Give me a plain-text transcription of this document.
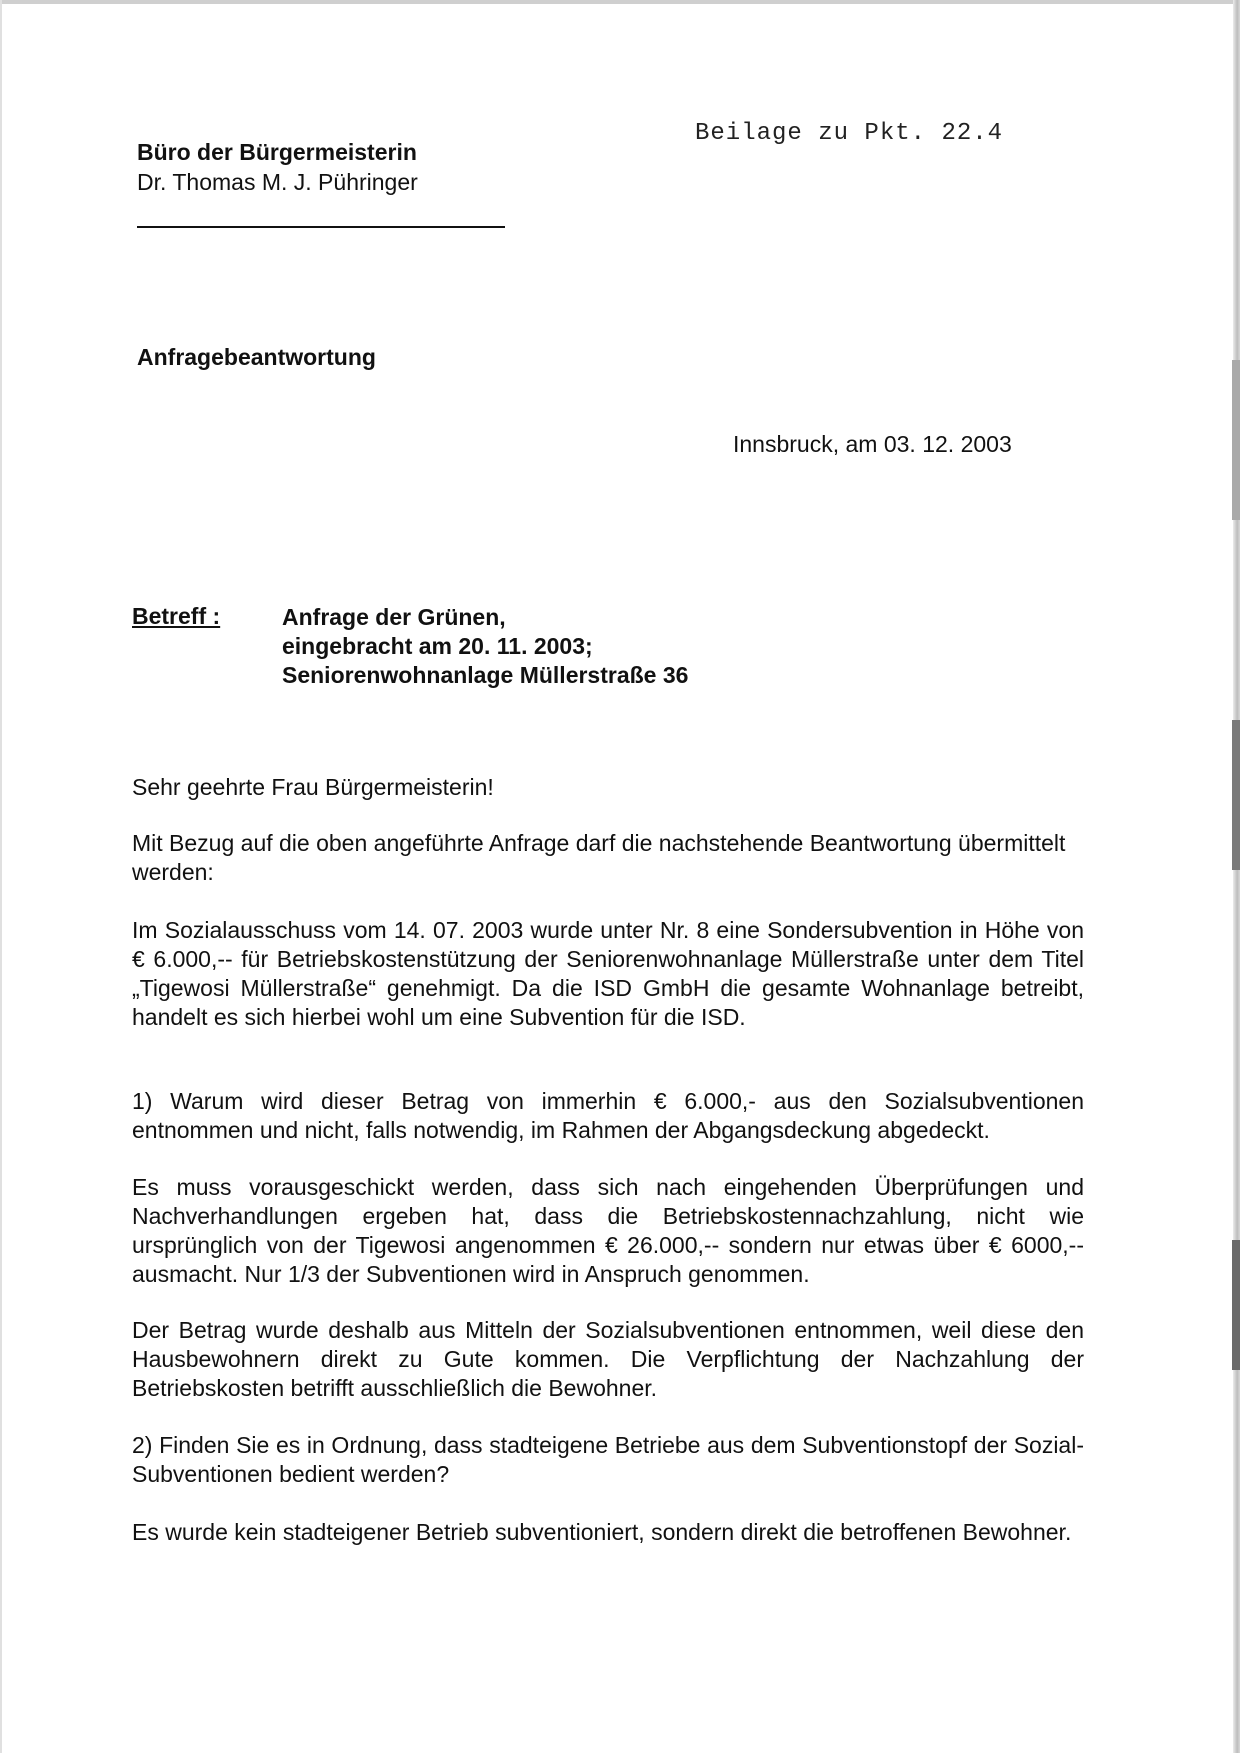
Beilage zu Pkt. 22.4
Büro der Bürgermeisterin
Dr. Thomas M. J. Pühringer
Anfragebeantwortung
Innsbruck, am 03. 12. 2003
Betreff :	Anfrage der Grünen,
eingebracht am 20. 11. 2003;
Seniorenwohnanlage Müllerstraße 36
Sehr geehrte Frau Bürgermeisterin!
Mit Bezug auf die oben angeführte Anfrage darf die nachstehende Beantwortung übermittelt werden:
Im Sozialausschuss vom 14. 07. 2003 wurde unter Nr. 8 eine Sondersubvention in Höhe von € 6.000,-- für Betriebskostenstützung der Seniorenwohnanlage Müllerstraße unter dem Titel „Tigewosi Müllerstraße“ genehmigt. Da die ISD GmbH die gesamte Wohnanlage betreibt, handelt es sich hierbei wohl um eine Subvention für die ISD.
1) Warum wird dieser Betrag von immerhin € 6.000,- aus den Sozialsubventionen entnommen und nicht, falls notwendig, im Rahmen der Abgangsdeckung abgedeckt.
Es muss vorausgeschickt werden, dass sich nach eingehenden Überprüfungen und Nachverhandlungen ergeben hat, dass die Betriebskostennachzahlung, nicht wie ursprünglich von der Tigewosi angenommen € 26.000,-- sondern nur etwas über € 6000,-- ausmacht. Nur 1/3 der Subventionen wird in Anspruch genommen.
Der Betrag wurde deshalb aus Mitteln der Sozialsubventionen entnommen, weil diese den Hausbewohnern direkt zu Gute kommen. Die Verpflichtung der Nachzahlung der Betriebskosten betrifft ausschließlich die Bewohner.
2) Finden Sie es in Ordnung, dass stadteigene Betriebe aus dem Subventionstopf der Sozial-Subventionen bedient werden?
Es wurde kein stadteigener Betrieb subventioniert, sondern direkt die betroffenen Bewohner.
